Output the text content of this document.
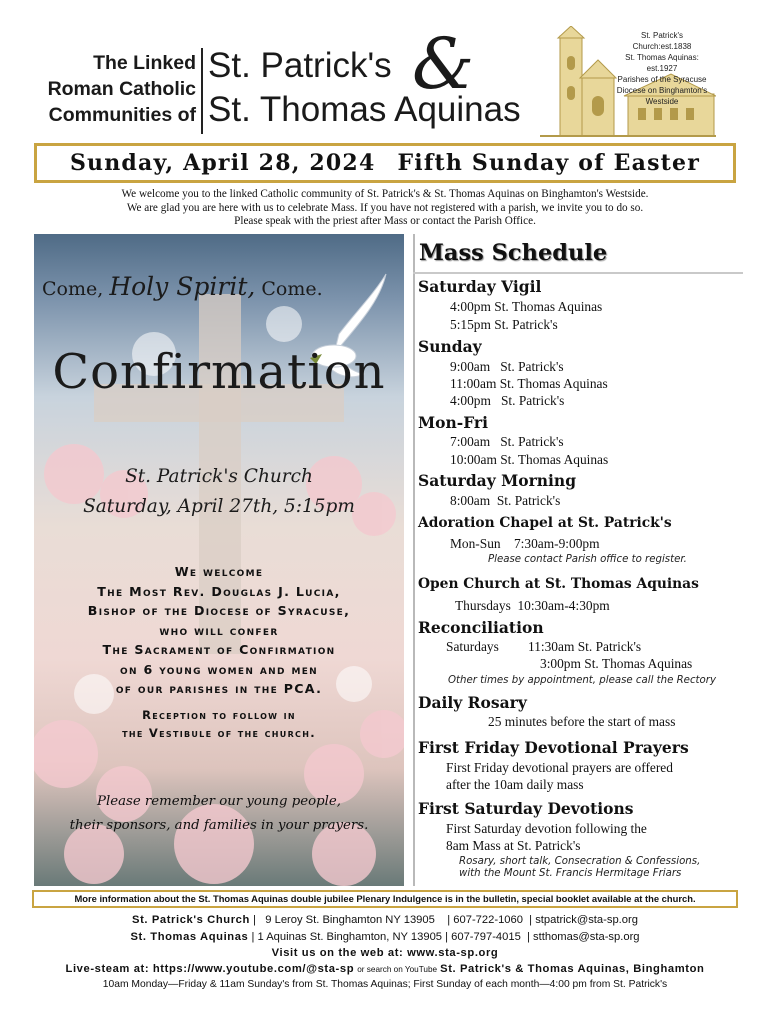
The Linked
Roman Catholic
Communities of
St. Patrick's
St. Thomas Aquinas
&	St. Patrick's
Church:est.1838
St. Thomas Aquinas: est.1927
Parishes of the Syracuse
Diocese on Binghamton's
Westside
Sunday, April 28, 2024 Fifth Sunday of Easter
We welcome you to the linked Catholic community of St. Patrick's & St. Thomas Aquinas on Binghamton's Westside.
We are glad you are here with us to celebrate Mass. If you have not registered with a parish, we invite you to do so.
Please speak with the priest after Mass or contact the Parish Office.
Come, Holy Spirit, Come.
Confirmation
St. Patrick's Church
Saturday, April 27th, 5:15pm
We welcome
The Most Rev. Douglas J. Lucia,
Bishop of the Diocese of Syracuse,
who will confer
The Sacrament of Confirmation
on 6 young women and men
of our parishes in the PCA.
Reception to follow in
the Vestibule of the church.
Please remember our young people,
their sponsors, and families in your prayers.
Mass Schedule
Saturday Vigil
4:00pm St. Thomas Aquinas
5:15pm St. Patrick's
Sunday
9:00am   St. Patrick's
11:00am St. Thomas Aquinas
4:00pm   St. Patrick's
Mon-Fri
7:00am   St. Patrick's
10:00am St. Thomas Aquinas
Saturday Morning
8:00am  St. Patrick's
Adoration Chapel at St. Patrick's
Mon-Sun    7:30am-9:00pm
Please contact Parish office to register.
Open Church at St. Thomas Aquinas
Thursdays  10:30am-4:30pm
Reconciliation
Saturdays 11:30am St. Patrick's
3:00pm St. Thomas Aquinas
Other times by appointment, please call the Rectory
Daily Rosary
25 minutes before the start of mass
First Friday Devotional Prayers
First Friday devotional prayers are offered
after the 10am daily mass
First Saturday Devotions
First Saturday devotion following the
8am Mass at St. Patrick's
Rosary, short talk, Consecration & Confessions,
with the Mount St. Francis Hermitage Friars
More information about the St. Thomas Aquinas double jubilee Plenary Indulgence is in the bulletin, special booklet available at the church.
St. Patrick's Church |   9 Leroy St. Binghamton NY 13905    | 607-722-1060  | stpatrick@sta-sp.org
St. Thomas Aquinas | 1 Aquinas St. Binghamton, NY 13905 | 607-797-4015  | stthomas@sta-sp.org
Visit us on the web at: www.sta-sp.org
Live-steam at: https://www.youtube.com/@sta-sp or search on YouTube St. Patrick's & Thomas Aquinas, Binghamton
10am Monday—Friday & 11am Sunday's from St. Thomas Aquinas; First Sunday of each month—4:00 pm from St. Patrick's
